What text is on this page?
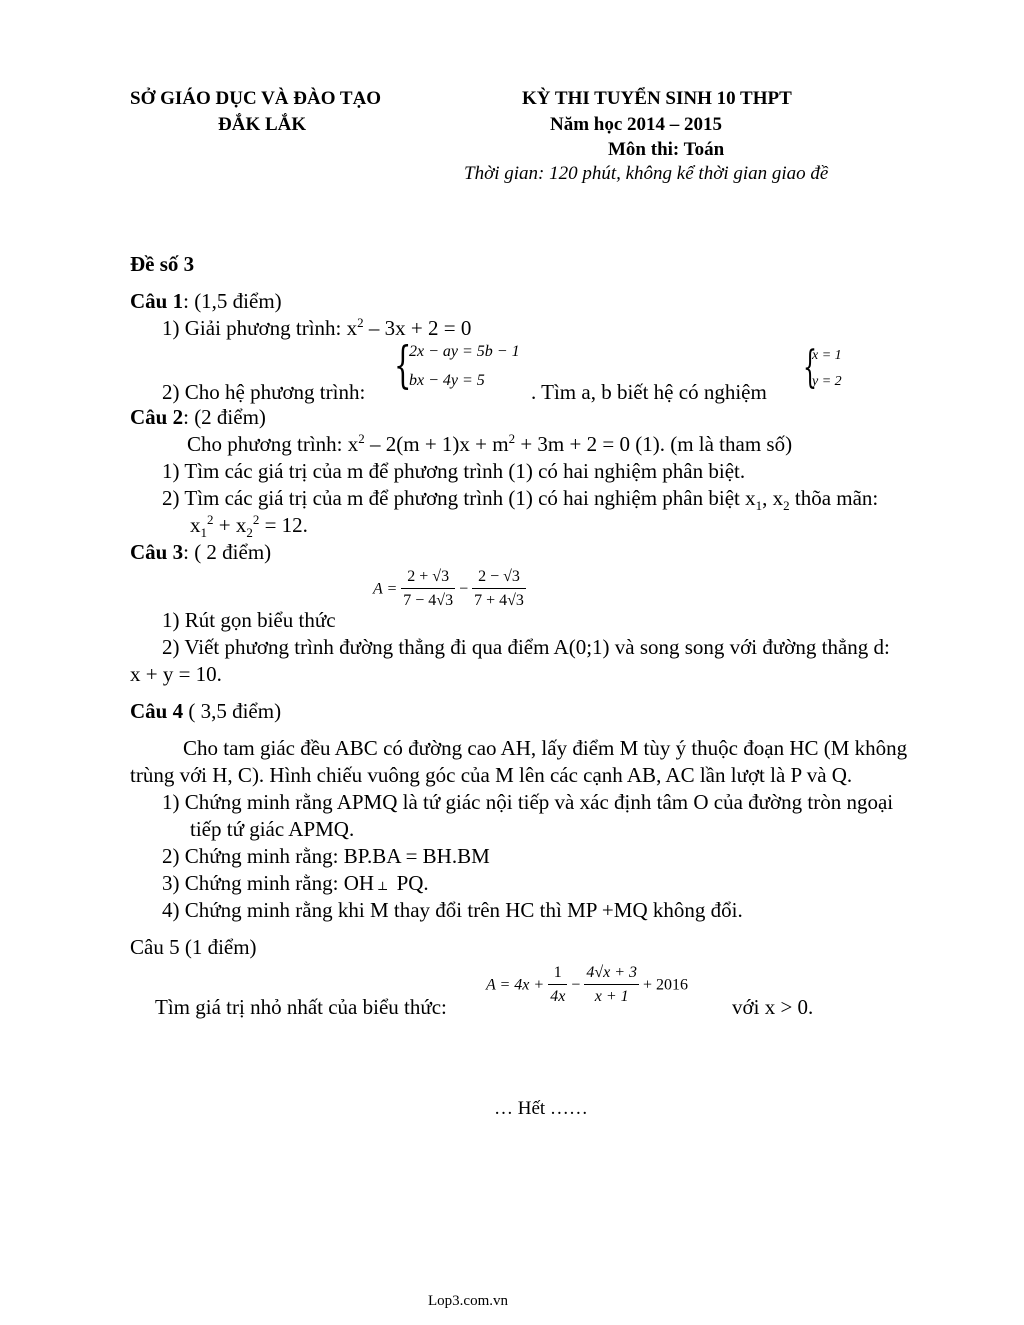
SỞ GIÁO DỤC VÀ ĐÀO TẠO
ĐẮK LẮK
KỲ THI TUYỂN SINH 10 THPT
Năm học 2014 – 2015
Môn thi: Toán
Thời gian: 120 phút, không kể thời gian giao đề
Đề số 3
Câu 1: (1,5 điểm)
1) Giải phương trình: $x^2 - 3x + 2 = 0$
2) Cho hệ phương trình: {
2x − ay = 5b − 1
bx − 4y = 5 . Tìm a, b biết hệ có nghiệm {
x = 1
y = 2
Câu 2: (2 điểm)
Cho phương trình: $x^2 - 2(m + 1)x + m^2 + 3m + 2 = 0$ (1). (m là tham số)
1) Tìm các giá trị của m để phương trình (1) có hai nghiệm phân biệt.
2) Tìm các giá trị của m để phương trình (1) có hai nghiệm phân biệt $x_1$, $x_2$ thõa mãn:
$x_1^2 + x_2^2 = 12$.
Câu 3: ( 2 điểm)
$A = \frac{2 + √3}{7 - 4√3} - \frac{2 - √3}{7 + 4√3}$
1) Rút gọn biểu thức
2) Viết phương trình đường thẳng đi qua điểm A(0;1) và song song với đường thẳng d:
x + y = 10.
Câu 4 ( 3,5 điểm)
Cho tam giác đều ABC có đường cao AH, lấy điểm M tùy ý thuộc đoạn HC (M không
trùng với H, C). Hình chiếu vuông góc của M lên các cạnh AB, AC lần lượt là P và Q.
1) Chứng minh rằng APMQ là tứ giác nội tiếp và xác định tâm O của đường tròn ngoại
tiếp tứ giác APMQ.
2) Chứng minh rằng: BP.BA = BH.BM
3) Chứng minh rằng: OH ⊥ PQ.
4) Chứng minh rằng khi M thay đổi trên HC thì MP +MQ không đổi.
Câu 5 (1 điểm)
$A = 4x + \frac{1}{4x} - \frac{4√x + 3}{x + 1} + 2016$
Tìm giá trị nhỏ nhất của biểu thức:	với x > 0.
… Hết ……
Lop3.com.vn
